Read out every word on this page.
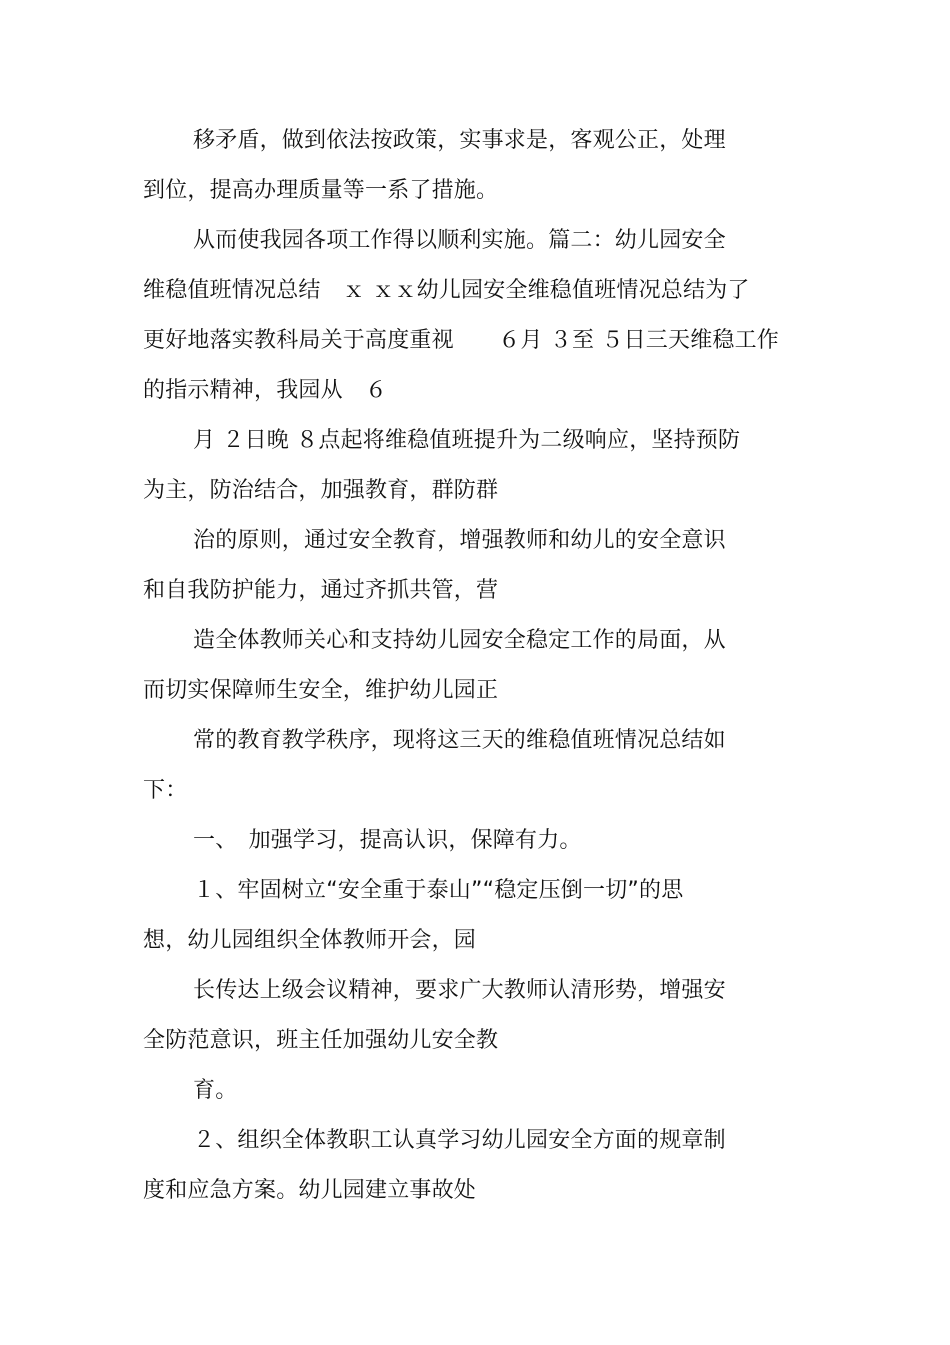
移矛盾，做到依法按政策，实事求是，客观公正，处理
到位，提高办理质量等一系了措施。
从而使我园各项工作得以顺利实施。篇二：幼儿园安全
维稳值班情况总结　ｘ ｘｘ幼儿园安全维稳值班情况总结为了
更好地落实教科局关于高度重视　　６月 ３至 ５日三天维稳工作
的指示精神，我园从　６
月 ２日晚 ８点起将维稳值班提升为二级响应，坚持预防
为主，防治结合，加强教育，群防群
治的原则，通过安全教育，增强教师和幼儿的安全意识
和自我防护能力，通过齐抓共管，营
造全体教师关心和支持幼儿园安全稳定工作的局面，从
而切实保障师生安全，维护幼儿园正
常的教育教学秩序，现将这三天的维稳值班情况总结如
下：
一、　加强学习，提高认识，保障有力。
１、牢固树立“安全重于泰山”“稳定压倒一切”的思
想，幼儿园组织全体教师开会，园
长传达上级会议精神，要求广大教师认清形势，增强安
全防范意识，班主任加强幼儿安全教
育。
２、组织全体教职工认真学习幼儿园安全方面的规章制
度和应急方案。幼儿园建立事故处
